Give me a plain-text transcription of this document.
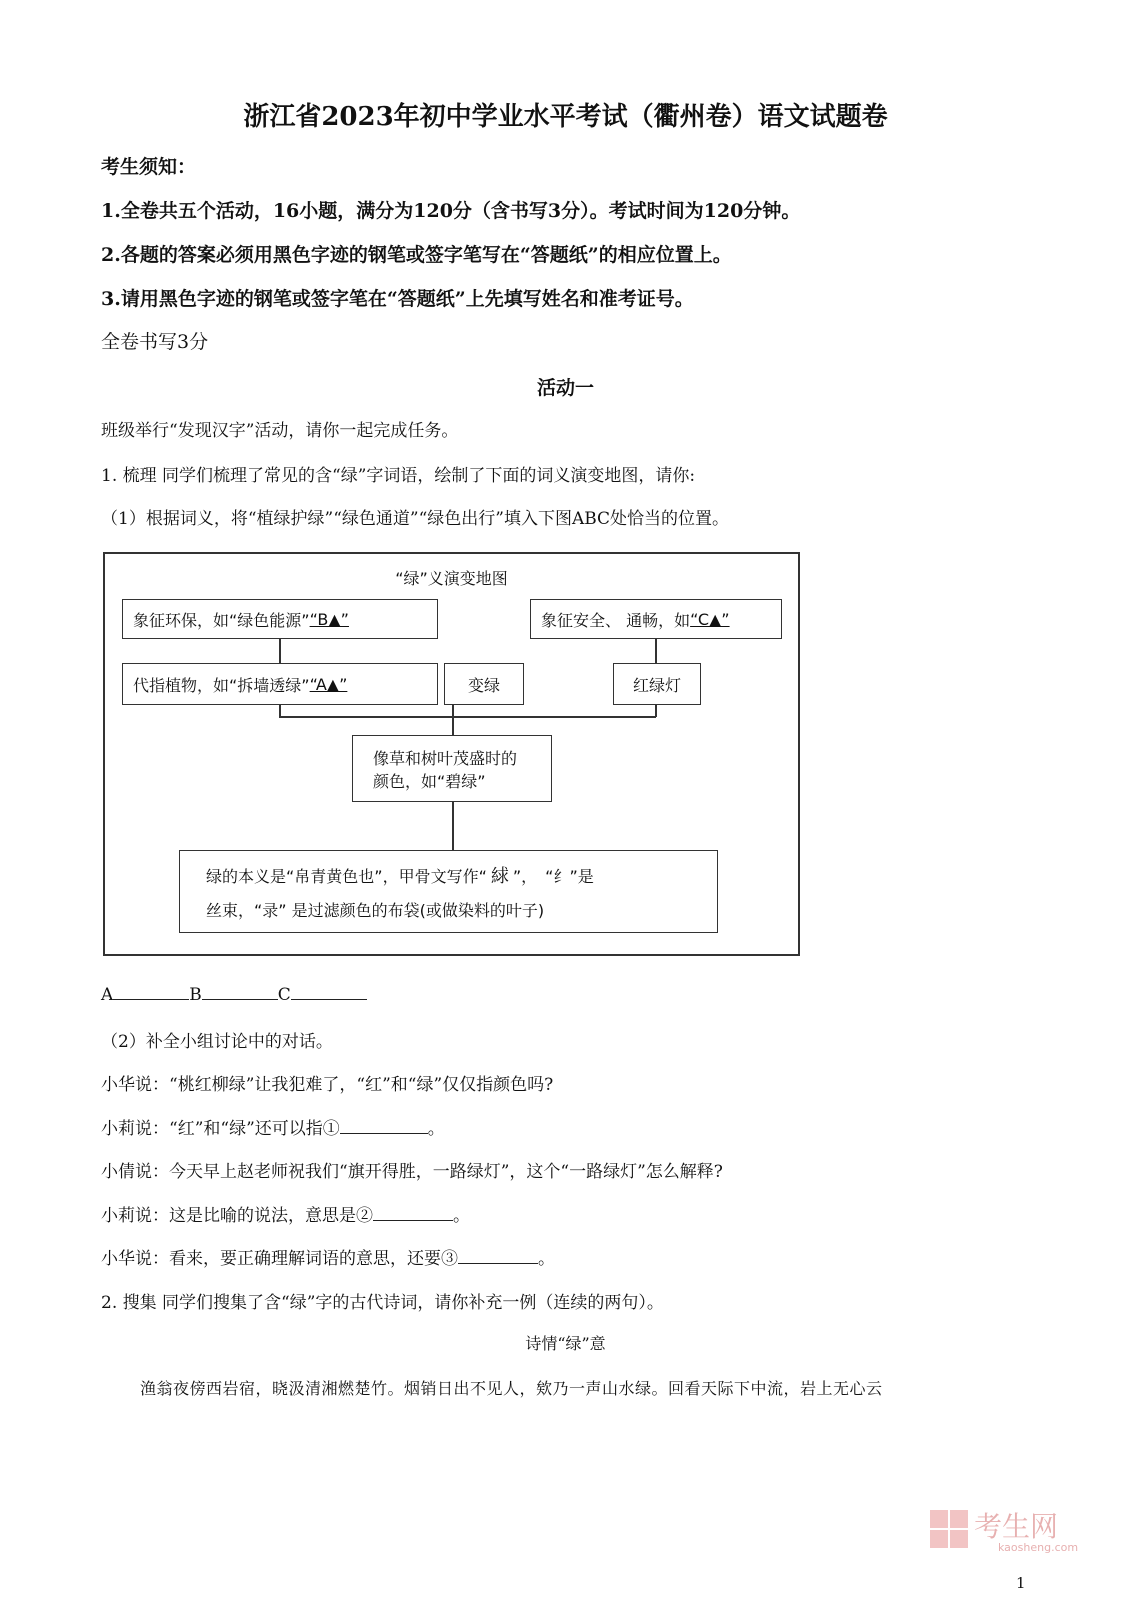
浙江省2023年初中学业水平考试（衢州卷）语文试题卷
考生须知：
1.全卷共五个活动，16小题，满分为120分（含书写3分）。考试时间为120分钟。
2.各题的答案必须用黑色字迹的钢笔或签字笔写在“答题纸”的相应位置上。
3.请用黑色字迹的钢笔或签字笔在“答题纸”上先填写姓名和准考证号。
全卷书写3分
活动一
班级举行“发现汉字”活动，请你一起完成任务。
1. 梳理 同学们梳理了常见的含“绿”字词语，绘制了下面的词义演变地图，请你:
（1）根据词义，将“植绿护绿”“绿色通道”“绿色出行”填入下图ABC处恰当的位置。
“绿”义演变地图
象征环保，如“绿色能源” “B▲”	象征安全、 通畅，如 “C▲”
代指植物，如“拆墙透绿” “A▲”	变绿	红绿灯
像草和树叶茂盛时的
颜色，如“碧绿”
绿的本义是“帛青黄色也”，甲骨文写作“ 絿 ”，　“纟”是
丝束，“录” 是过滤颜色的布袋(或做染料的叶子)
A	B	C
（2）补全小组讨论中的对话。
小华说：“桃红柳绿”让我犯难了，“红”和“绿”仅仅指颜色吗?
小莉说：“红”和“绿”还可以指①	。
小倩说：今天早上赵老师祝我们“旗开得胜，一路绿灯”，这个“一路绿灯”怎么解释?
小莉说：这是比喻的说法，意思是②	。
小华说：看来，要正确理解词语的意思，还要③	。
2. 搜集 同学们搜集了含“绿”字的古代诗词，请你补充一例（连续的两句）。
诗情“绿”意
渔翁夜傍西岩宿，晓汲清湘燃楚竹。烟销日出不见人，欸乃一声山水绿。回看天际下中流，岩上无心云
考生网
kaosheng.com
1
